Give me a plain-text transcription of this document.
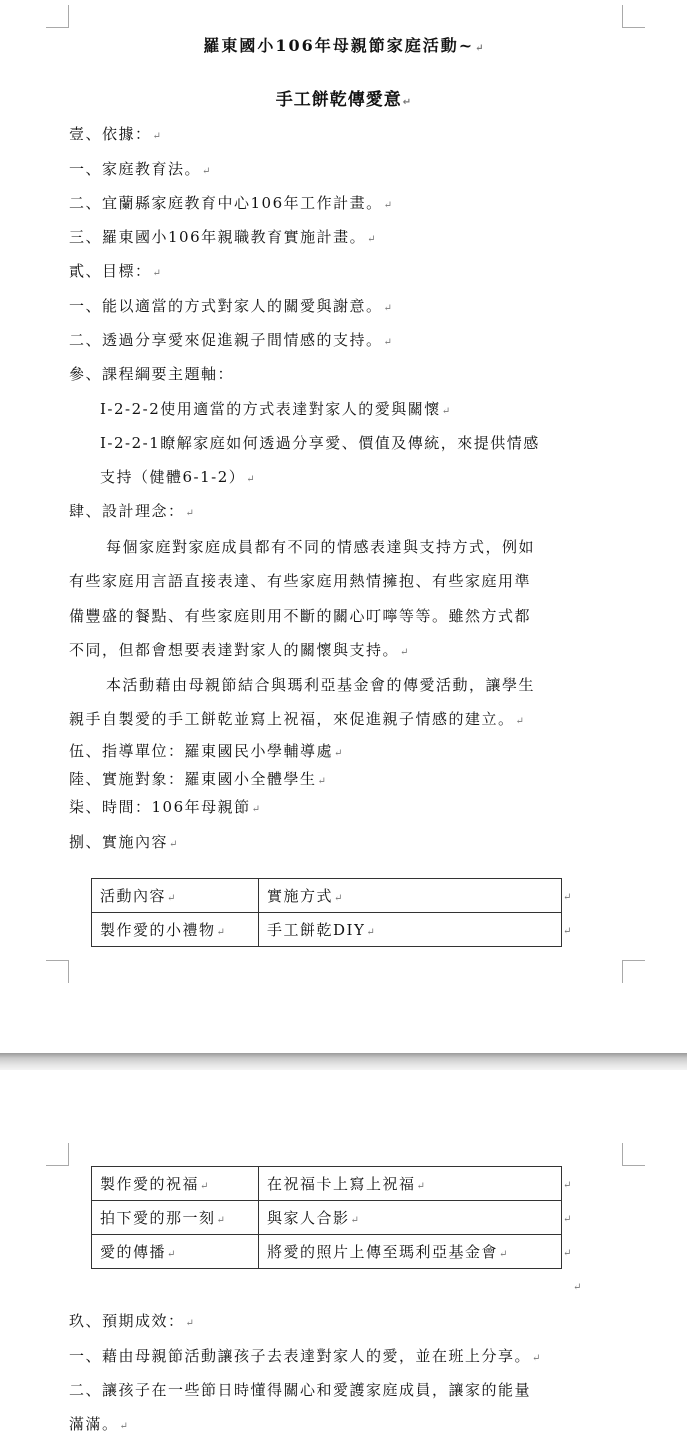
羅東國小106年母親節家庭活動~↵
手工餅乾傳愛意↵
壹、依據：↵
一、家庭教育法。↵
二、宜蘭縣家庭教育中心106年工作計畫。↵
三、羅東國小106年親職教育實施計畫。↵
貳、目標：↵
一、能以適當的方式對家人的關愛與謝意。↵
二、透過分享愛來促進親子間情感的支持。↵
參、課程綱要主題軸：
I-2-2-2使用適當的方式表達對家人的愛與關懷↵
I-2-2-1瞭解家庭如何透過分享愛、價值及傳統，來提供情感
支持（健體6-1-2）↵
肆、設計理念：↵
每個家庭對家庭成員都有不同的情感表達與支持方式，例如
有些家庭用言語直接表達、有些家庭用熱情擁抱、有些家庭用準
備豐盛的餐點、有些家庭則用不斷的關心叮嚀等等。雖然方式都
不同，但都會想要表達對家人的關懷與支持。↵
本活動藉由母親節結合與瑪利亞基金會的傳愛活動，讓學生
親手自製愛的手工餅乾並寫上祝福，來促進親子情感的建立。↵
伍、指導單位：羅東國民小學輔導處↵
陸、實施對象：羅東國小全體學生↵
柒、時間：106年母親節↵
捌、實施內容↵
活動內容↵	實施方式↵
製作愛的小禮物↵	手工餅乾DIY↵
↵
↵
製作愛的祝福↵	在祝福卡上寫上祝福↵
拍下愛的那一刻↵	與家人合影↵
愛的傳播↵	將愛的照片上傳至瑪利亞基金會↵
↵
↵
↵
↵
玖、預期成效：↵
一、藉由母親節活動讓孩子去表達對家人的愛，並在班上分享。↵
二、讓孩子在一些節日時懂得關心和愛護家庭成員，讓家的能量
滿滿。↵
